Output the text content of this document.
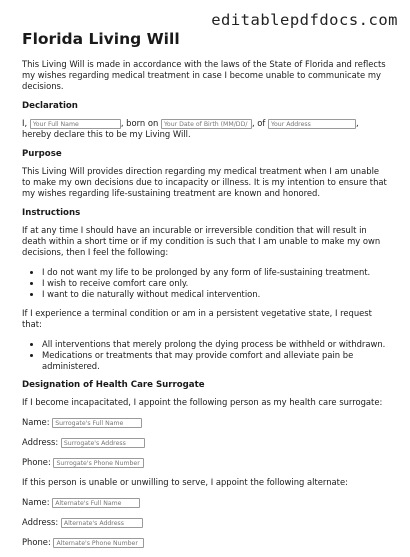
editablepdfdocs.com
Florida Living Will

This Living Will is made in accordance with the laws of the State of Florida and reflects my wishes regarding medical treatment in case I become unable to communicate my decisions.

Declaration

I, Your Full Name	, born on Your Date of Birth (MM/DD/ , of Your Address	,
hereby declare this to be my Living Will.

Purpose

This Living Will provides direction regarding my medical treatment when I am unable to make my own decisions due to incapacity or illness. It is my intention to ensure that my wishes regarding life-sustaining treatment are known and honored.

Instructions

If at any time I should have an incurable or irreversible condition that will result in death within a short time or if my condition is such that I am unable to make my own decisions, then I feel the following:

• I do not want my life to be prolonged by any form of life-sustaining treatment.
• I wish to receive comfort care only.
• I want to die naturally without medical intervention.

If I experience a terminal condition or am in a persistent vegetative state, I request that:

• All interventions that merely prolong the dying process be withheld or withdrawn.
• Medications or treatments that may provide comfort and alleviate pain be administered.
Designation of Health Care Surrogate

If I become incapacitated, I appoint the following person as my health care surrogate:

Name: Surrogate's Full Name
Address: Surrogate's Address
Phone: Surrogate's Phone Number

If this person is unable or unwilling to serve, I appoint the following alternate:

Name: Alternate's Full Name
Address: Alternate's Address
Phone: Alternate's Phone Number
